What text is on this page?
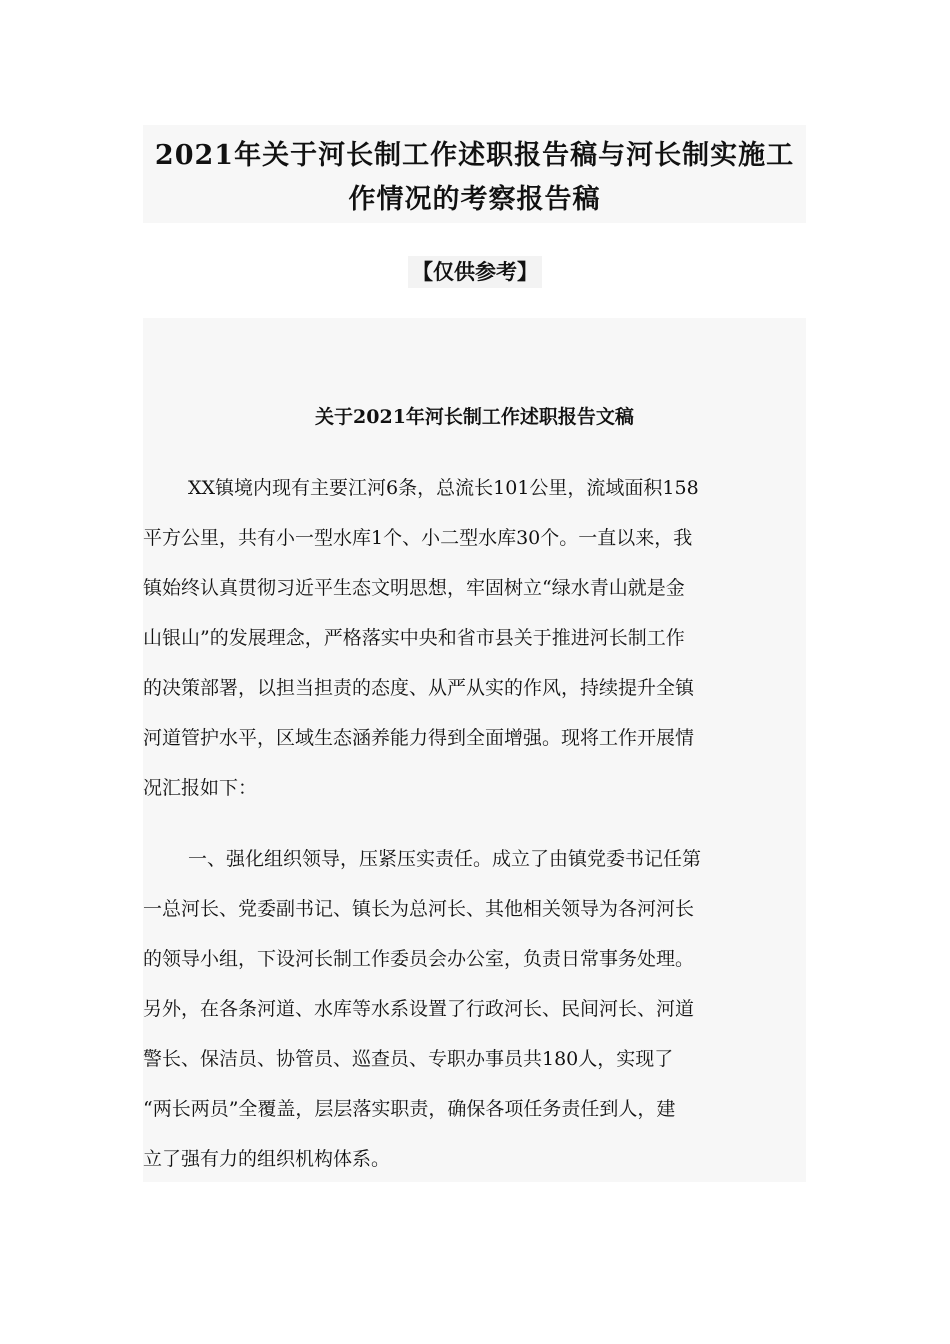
2021年关于河长制工作述职报告稿与河长制实施工
作情况的考察报告稿
【仅供参考】
关于2021年河长制工作述职报告文稿
XX镇境内现有主要江河6条，总流长101公里，流域面积158
平方公里，共有小一型水库1个、小二型水库30个。一直以来，我
镇始终认真贯彻习近平生态文明思想，牢固树立“绿水青山就是金
山银山”的发展理念，严格落实中央和省市县关于推进河长制工作
的决策部署，以担当担责的态度、从严从实的作风，持续提升全镇
河道管护水平，区域生态涵养能力得到全面增强。现将工作开展情
况汇报如下：
一、强化组织领导，压紧压实责任。成立了由镇党委书记任第
一总河长、党委副书记、镇长为总河长、其他相关领导为各河河长
的领导小组，下设河长制工作委员会办公室，负责日常事务处理。
另外，在各条河道、水库等水系设置了行政河长、民间河长、河道
警长、保洁员、协管员、巡查员、专职办事员共180人，实现了
“两长两员”全覆盖，层层落实职责，确保各项任务责任到人，建
立了强有力的组织机构体系。
